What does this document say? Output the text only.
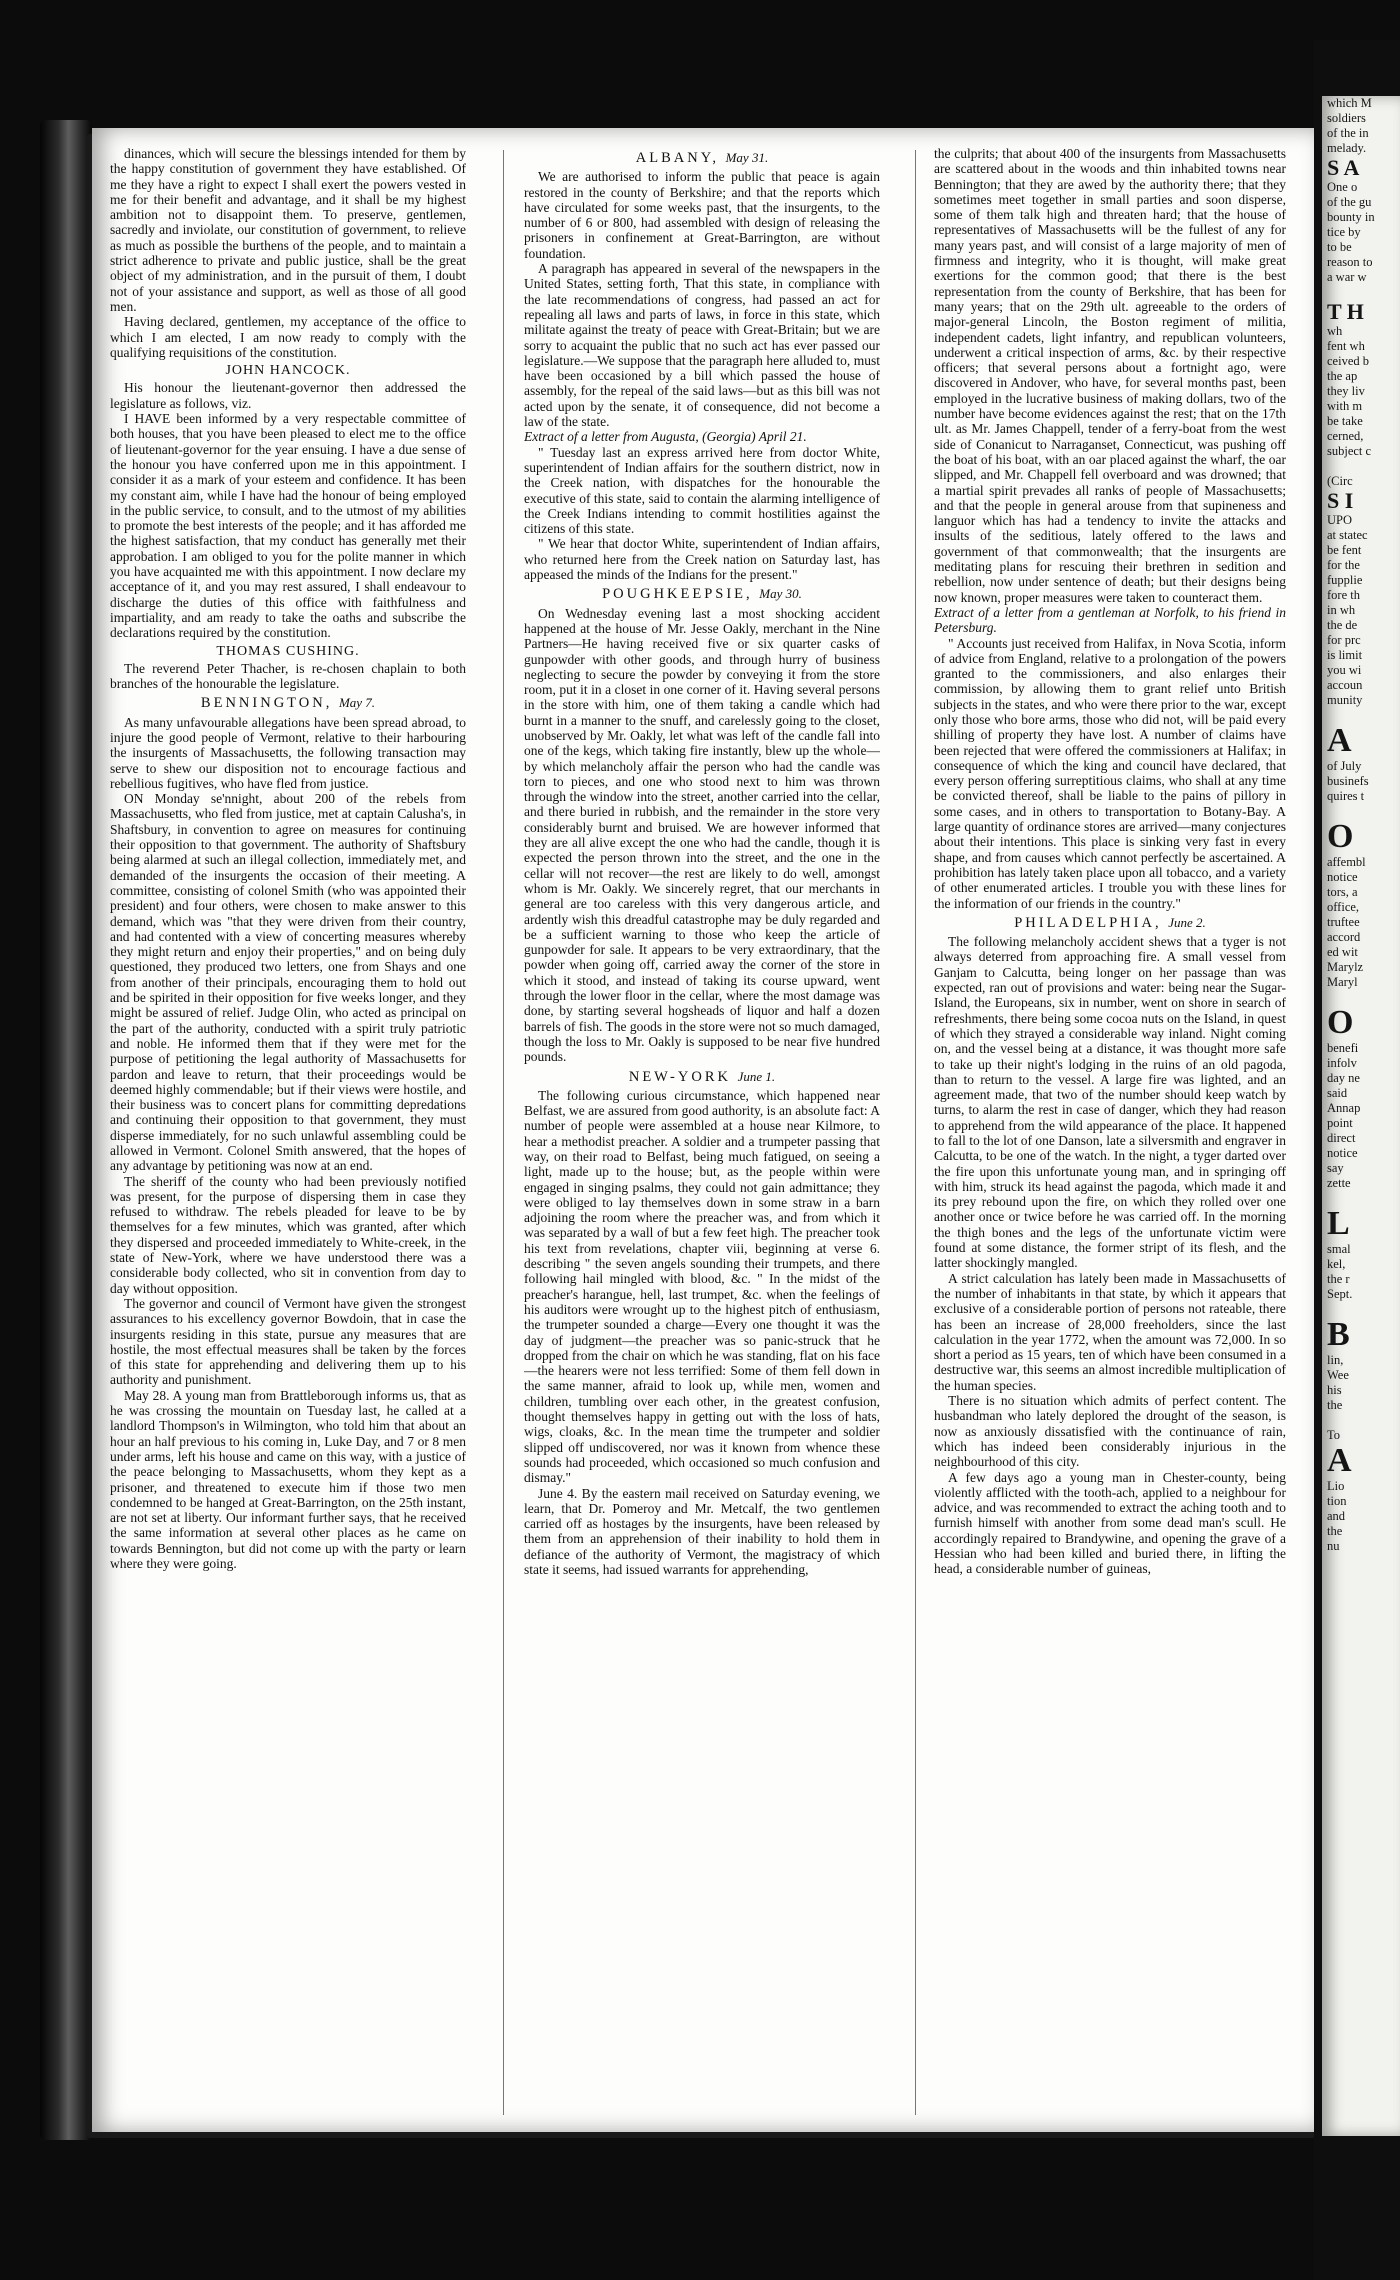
dinances, which will secure the blessings intended for them by the happy constitution of government they have established. Of me they have a right to expect I shall exert the powers vested in me for their benefit and advantage, and it shall be my highest ambition not to disappoint them. To preserve, gentlemen, sacredly and inviolate, our constitution of government, to relieve as much as possible the burthens of the people, and to maintain a strict adherence to private and public justice, shall be the great object of my administration, and in the pursuit of them, I doubt not of your assistance and support, as well as those of all good men.

Having declared, gentlemen, my acceptance of the office to which I am elected, I am now ready to comply with the qualifying requisitions of the constitution.

JOHN HANCOCK.

His honour the lieutenant-governor then addressed the legislature as follows, viz.

I HAVE been informed by a very respectable committee of both houses, that you have been pleased to elect me to the office of lieutenant-governor for the year ensuing. I have a due sense of the honour you have conferred upon me in this appointment. I consider it as a mark of your esteem and confidence. It has been my constant aim, while I have had the honour of being employed in the public service, to consult, and to the utmost of my abilities to promote the best interests of the people; and it has afforded me the highest satisfaction, that my conduct has generally met their approbation. I am obliged to you for the polite manner in which you have acquainted me with this appointment. I now declare my acceptance of it, and you may rest assured, I shall endeavour to discharge the duties of this office with faithfulness and impartiality, and am ready to take the oaths and subscribe the declarations required by the constitution.

THOMAS CUSHING.

The reverend Peter Thacher, is re-chosen chaplain to both branches of the honourable the legislature.

BENNINGTON, May 7.

As many unfavourable allegations have been spread abroad, to injure the good people of Vermont, relative to their harbouring the insurgents of Massachusetts, the following transaction may serve to shew our disposition not to encourage factious and rebellious fugitives, who have fled from justice.

ON Monday se'nnight, about 200 of the rebels from Massachusetts, who fled from justice, met at captain Calusha's, in Shaftsbury, in convention to agree on measures for continuing their opposition to that government. The authority of Shaftsbury being alarmed at such an illegal collection, immediately met, and demanded of the insurgents the occasion of their meeting. A committee, consisting of colonel Smith (who was appointed their president) and four others, were chosen to make answer to this demand, which was "that they were driven from their country, and had contented with a view of concerting measures whereby they might return and enjoy their properties," and on being duly questioned, they produced two letters, one from Shays and one from another of their principals, encouraging them to hold out and be spirited in their opposition for five weeks longer, and they might be assured of relief. Judge Olin, who acted as principal on the part of the authority, conducted with a spirit truly patriotic and noble. He informed them that if they were met for the purpose of petitioning the legal authority of Massachusetts for pardon and leave to return, that their proceedings would be deemed highly commendable; but if their views were hostile, and their business was to concert plans for committing depredations and continuing their opposition to that government, they must disperse immediately, for no such unlawful assembling could be allowed in Vermont. Colonel Smith answered, that the hopes of any advantage by petitioning was now at an end.

The sheriff of the county who had been previously notified was present, for the purpose of dispersing them in case they refused to withdraw. The rebels pleaded for leave to be by themselves for a few minutes, which was granted, after which they dispersed and proceeded immediately to White-creek, in the state of New-York, where we have understood there was a considerable body collected, who sit in convention from day to day without opposition.

The governor and council of Vermont have given the strongest assurances to his excellency governor Bowdoin, that in case the insurgents residing in this state, pursue any measures that are hostile, the most effectual measures shall be taken by the forces of this state for apprehending and delivering them up to his authority and punishment.

May 28. A young man from Brattleborough informs us, that as he was crossing the mountain on Tuesday last, he called at a landlord Thompson's in Wilmington, who told him that about an hour an half previous to his coming in, Luke Day, and 7 or 8 men under arms, left his house and came on this way, with a justice of the peace belonging to Massachusetts, whom they kept as a prisoner, and threatened to execute him if those two men condemned to be hanged at Great-Barrington, on the 25th instant, are not set at liberty. Our informant further says, that he received the same information at several other places as he came on towards Bennington, but did not come up with the party or learn where they were going.

ALBANY, May 31.

We are authorised to inform the public that peace is again restored in the county of Berkshire; and that the reports which have circulated for some weeks past, that the insurgents, to the number of 6 or 800, had assembled with design of releasing the prisoners in confinement at Great-Barrington, are without foundation.

A paragraph has appeared in several of the newspapers in the United States, setting forth, That this state, in compliance with the late recommendations of congress, had passed an act for repealing all laws and parts of laws, in force in this state, which militate against the treaty of peace with Great-Britain; but we are sorry to acquaint the public that no such act has ever passed our legislature.—We suppose that the paragraph here alluded to, must have been occasioned by a bill which passed the house of assembly, for the repeal of the said laws—but as this bill was not acted upon by the senate, it of consequence, did not become a law of the state.

Extract of a letter from Augusta, (Georgia) April 21.

" Tuesday last an express arrived here from doctor White, superintendent of Indian affairs for the southern district, now in the Creek nation, with dispatches for the honourable the executive of this state, said to contain the alarming intelligence of the Creek Indians intending to commit hostilities against the citizens of this state.

" We hear that doctor White, superintendent of Indian affairs, who returned here from the Creek nation on Saturday last, has appeased the minds of the Indians for the present."

POUGHKEEPSIE, May 30.

On Wednesday evening last a most shocking accident happened at the house of Mr. Jesse Oakly, merchant in the Nine Partners—He having received five or six quarter casks of gunpowder with other goods, and through hurry of business neglecting to secure the powder by conveying it from the store room, put it in a closet in one corner of it. Having several persons in the store with him, one of them taking a candle which had burnt in a manner to the snuff, and carelessly going to the closet, unobserved by Mr. Oakly, let what was left of the candle fall into one of the kegs, which taking fire instantly, blew up the whole—by which melancholy affair the person who had the candle was torn to pieces, and one who stood next to him was thrown through the window into the street, another carried into the cellar, and there buried in rubbish, and the remainder in the store very considerably burnt and bruised. We are however informed that they are all alive except the one who had the candle, though it is expected the person thrown into the street, and the one in the cellar will not recover—the rest are likely to do well, amongst whom is Mr. Oakly. We sincerely regret, that our merchants in general are too careless with this very dangerous article, and ardently wish this dreadful catastrophe may be duly regarded and be a sufficient warning to those who keep the article of gunpowder for sale. It appears to be very extraordinary, that the powder when going off, carried away the corner of the store in which it stood, and instead of taking its course upward, went through the lower floor in the cellar, where the most damage was done, by starting several hogsheads of liquor and half a dozen barrels of fish. The goods in the store were not so much damaged, though the loss to Mr. Oakly is supposed to be near five hundred pounds.

NEW-YORK June 1.

The following curious circumstance, which happened near Belfast, we are assured from good authority, is an absolute fact: A number of people were assembled at a house near Kilmore, to hear a methodist preacher. A soldier and a trumpeter passing that way, on their road to Belfast, being much fatigued, on seeing a light, made up to the house; but, as the people within were engaged in singing psalms, they could not gain admittance; they were obliged to lay themselves down in some straw in a barn adjoining the room where the preacher was, and from which it was separated by a wall of but a few feet high. The preacher took his text from revelations, chapter viii, beginning at verse 6. describing " the seven angels sounding their trumpets, and there following hail mingled with blood, &c. " In the midst of the preacher's harangue, hell, last trumpet, &c. when the feelings of his auditors were wrought up to the highest pitch of enthusiasm, the trumpeter sounded a charge—Every one thought it was the day of judgment—the preacher was so panic-struck that he dropped from the chair on which he was standing, flat on his face—the hearers were not less terrified: Some of them fell down in the same manner, afraid to look up, while men, women and children, tumbling over each other, in the greatest confusion, thought themselves happy in getting out with the loss of hats, wigs, cloaks, &c. In the mean time the trumpeter and soldier slipped off undiscovered, nor was it known from whence these sounds had proceeded, which occasioned so much confusion and dismay."

June 4. By the eastern mail received on Saturday evening, we learn, that Dr. Pomeroy and Mr. Metcalf, the two gentlemen carried off as hostages by the insurgents, have been released by them from an apprehension of their inability to hold them in defiance of the authority of Vermont, the magistracy of which state it seems, had issued warrants for apprehending,

the culprits; that about 400 of the insurgents from Massachusetts are scattered about in the woods and thin inhabited towns near Bennington; that they are awed by the authority there; that they sometimes meet together in small parties and soon disperse, some of them talk high and threaten hard; that the house of representatives of Massachusetts will be the fullest of any for many years past, and will consist of a large majority of men of firmness and integrity, who it is thought, will make great exertions for the common good; that there is the best representation from the county of Berkshire, that has been for many years; that on the 29th ult. agreeable to the orders of major-general Lincoln, the Boston regiment of militia, independent cadets, light infantry, and republican volunteers, underwent a critical inspection of arms, &c. by their respective officers; that several persons about a fortnight ago, were discovered in Andover, who have, for several months past, been employed in the lucrative business of making dollars, two of the number have become evidences against the rest; that on the 17th ult. as Mr. James Chappell, tender of a ferry-boat from the west side of Conanicut to Narraganset, Connecticut, was pushing off the boat of his boat, with an oar placed against the wharf, the oar slipped, and Mr. Chappell fell overboard and was drowned; that a martial spirit prevades all ranks of people of Massachusetts; and that the people in general arouse from that supineness and languor which has had a tendency to invite the attacks and insults of the seditious, lately offered to the laws and government of that commonwealth; that the insurgents are meditating plans for rescuing their brethren in sedition and rebellion, now under sentence of death; but their designs being now known, proper measures were taken to counteract them.

Extract of a letter from a gentleman at Norfolk, to his friend in Petersburg.

" Accounts just received from Halifax, in Nova Scotia, inform of advice from England, relative to a prolongation of the powers granted to the commissioners, and also enlarges their commission, by allowing them to grant relief unto British subjects in the states, and who were there prior to the war, except only those who bore arms, those who did not, will be paid every shilling of property they have lost. A number of claims have been rejected that were offered the commissioners at Halifax; in consequence of which the king and council have declared, that every person offering surreptitious claims, who shall at any time be convicted thereof, shall be liable to the pains of pillory in some cases, and in others to transportation to Botany-Bay. A large quantity of ordinance stores are arrived—many conjectures about their intentions. This place is sinking very fast in every shape, and from causes which cannot perfectly be ascertained. A prohibition has lately taken place upon all tobacco, and a variety of other enumerated articles. I trouble you with these lines for the information of our friends in the country."

PHILADELPHIA, June 2.

The following melancholy accident shews that a tyger is not always deterred from approaching fire. A small vessel from Ganjam to Calcutta, being longer on her passage than was expected, ran out of provisions and water: being near the Sugar-Island, the Europeans, six in number, went on shore in search of refreshments, there being some cocoa nuts on the Island, in quest of which they strayed a considerable way inland. Night coming on, and the vessel being at a distance, it was thought more safe to take up their night's lodging in the ruins of an old pagoda, than to return to the vessel. A large fire was lighted, and an agreement made, that two of the number should keep watch by turns, to alarm the rest in case of danger, which they had reason to apprehend from the wild appearance of the place. It happened to fall to the lot of one Danson, late a silversmith and engraver in Calcutta, to be one of the watch. In the night, a tyger darted over the fire upon this unfortunate young man, and in springing off with him, struck its head against the pagoda, which made it and its prey rebound upon the fire, on which they rolled over one another once or twice before he was carried off. In the morning the thigh bones and the legs of the unfortunate victim were found at some distance, the former stript of its flesh, and the latter shockingly mangled.

A strict calculation has lately been made in Massachusetts of the number of inhabitants in that state, by which it appears that exclusive of a considerable portion of persons not rateable, there has been an increase of 28,000 freeholders, since the last calculation in the year 1772, when the amount was 72,000. In so short a period as 15 years, ten of which have been consumed in a destructive war, this seems an almost incredible multiplication of the human species.

There is no situation which admits of perfect content. The husbandman who lately deplored the drought of the season, is now as anxiously dissatisfied with the continuance of rain, which has indeed been considerably injurious in the neighbourhood of this city.

A few days ago a young man in Chester-county, being violently afflicted with the tooth-ach, applied to a neighbour for advice, and was recommended to extract the aching tooth and to furnish himself with another from some dead man's scull. He accordingly repaired to Brandywine, and opening the grave of a Hessian who had been killed and buried there, in lifting the head, a considerable number of guineas,

which M
soldiers
of the in
melady.
S A
One o
of the gu
bounty in
tice by
to be
reason to
a war w

T H
wh
fent wh
ceived b
the ap
they liv
with m
be take
cerned,
subject c

(Circ
S I
UPO
at statec
be fent
for the
fupplie
fore th
in wh
the de
for prc
is limit
you wi
accoun
munity

A
of July
businefs
quires t

O
affembl
notice
tors, a
office,
truftee
accord
ed wit
Marylz
Maryl

O
benefi
infolv
day ne
said
Annap
point
direct
notice
say
zette

L
smal
kel,
the r
Sept.

B
lin,
Wee
his
the

To
A
Lio
tion
and
the
nu
